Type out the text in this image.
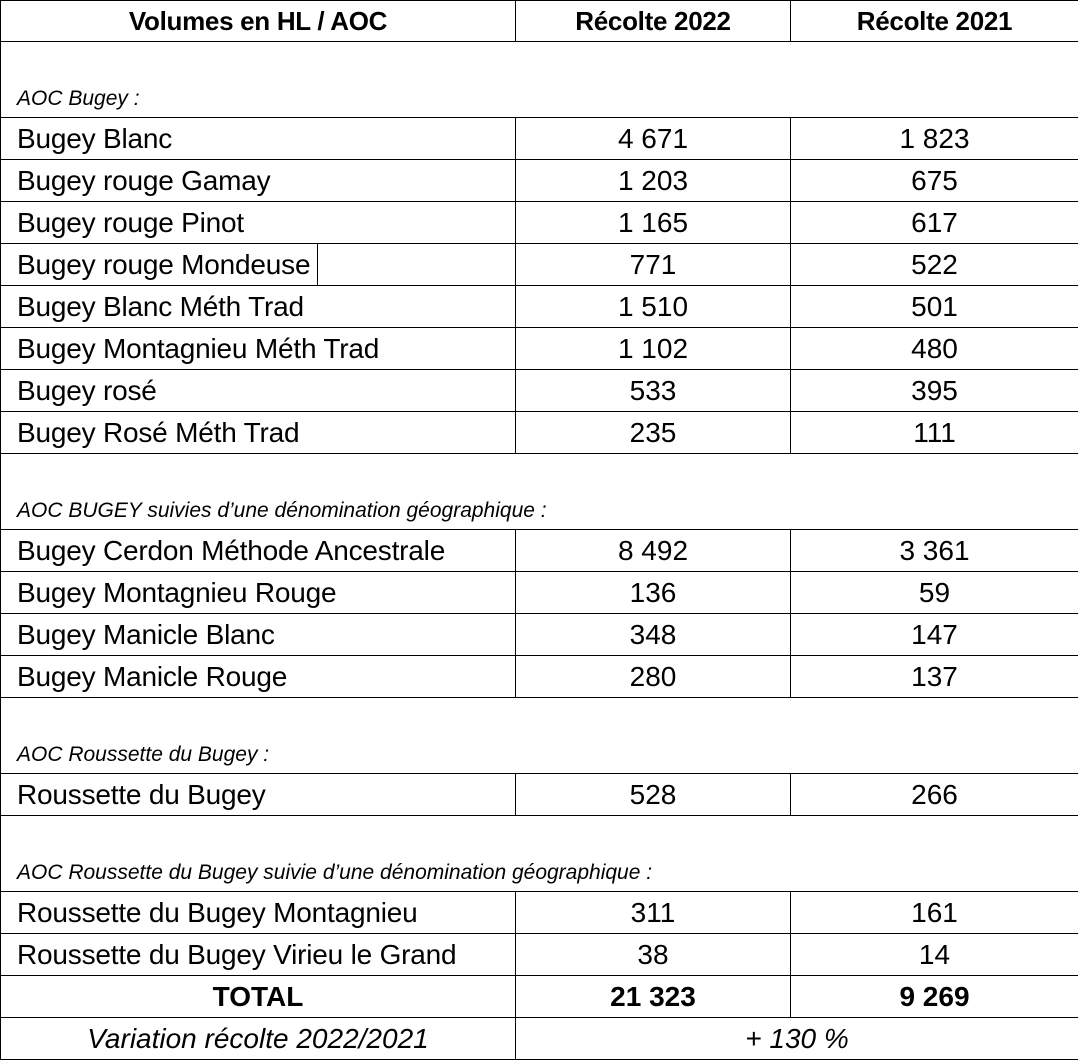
Volumes en HL / AOC	Récolte 2022	Récolte 2021
AOC Bugey :		
Bugey Blanc	4 671	1 823
Bugey rouge Gamay	1 203	675
Bugey rouge Pinot	1 165	617
Bugey rouge Mondeuse	771	522
Bugey Blanc Méth Trad	1 510	501
Bugey Montagnieu Méth Trad	1 102	480
Bugey rosé	533	395
Bugey Rosé Méth Trad	235	111
AOC BUGEY suivies d’une dénomination géographique :		
Bugey Cerdon Méthode Ancestrale	8 492	3 361
Bugey Montagnieu Rouge	136	59
Bugey Manicle Blanc	348	147
Bugey Manicle Rouge	280	137
AOC Roussette du Bugey :		
Roussette du Bugey	528	266
AOC Roussette du Bugey suivie d’une dénomination géographique :		
Roussette du Bugey Montagnieu	311	161
Roussette du Bugey Virieu le Grand	38	14
TOTAL	21 323	9 269
Variation récolte 2022/2021	+ 130 %	
